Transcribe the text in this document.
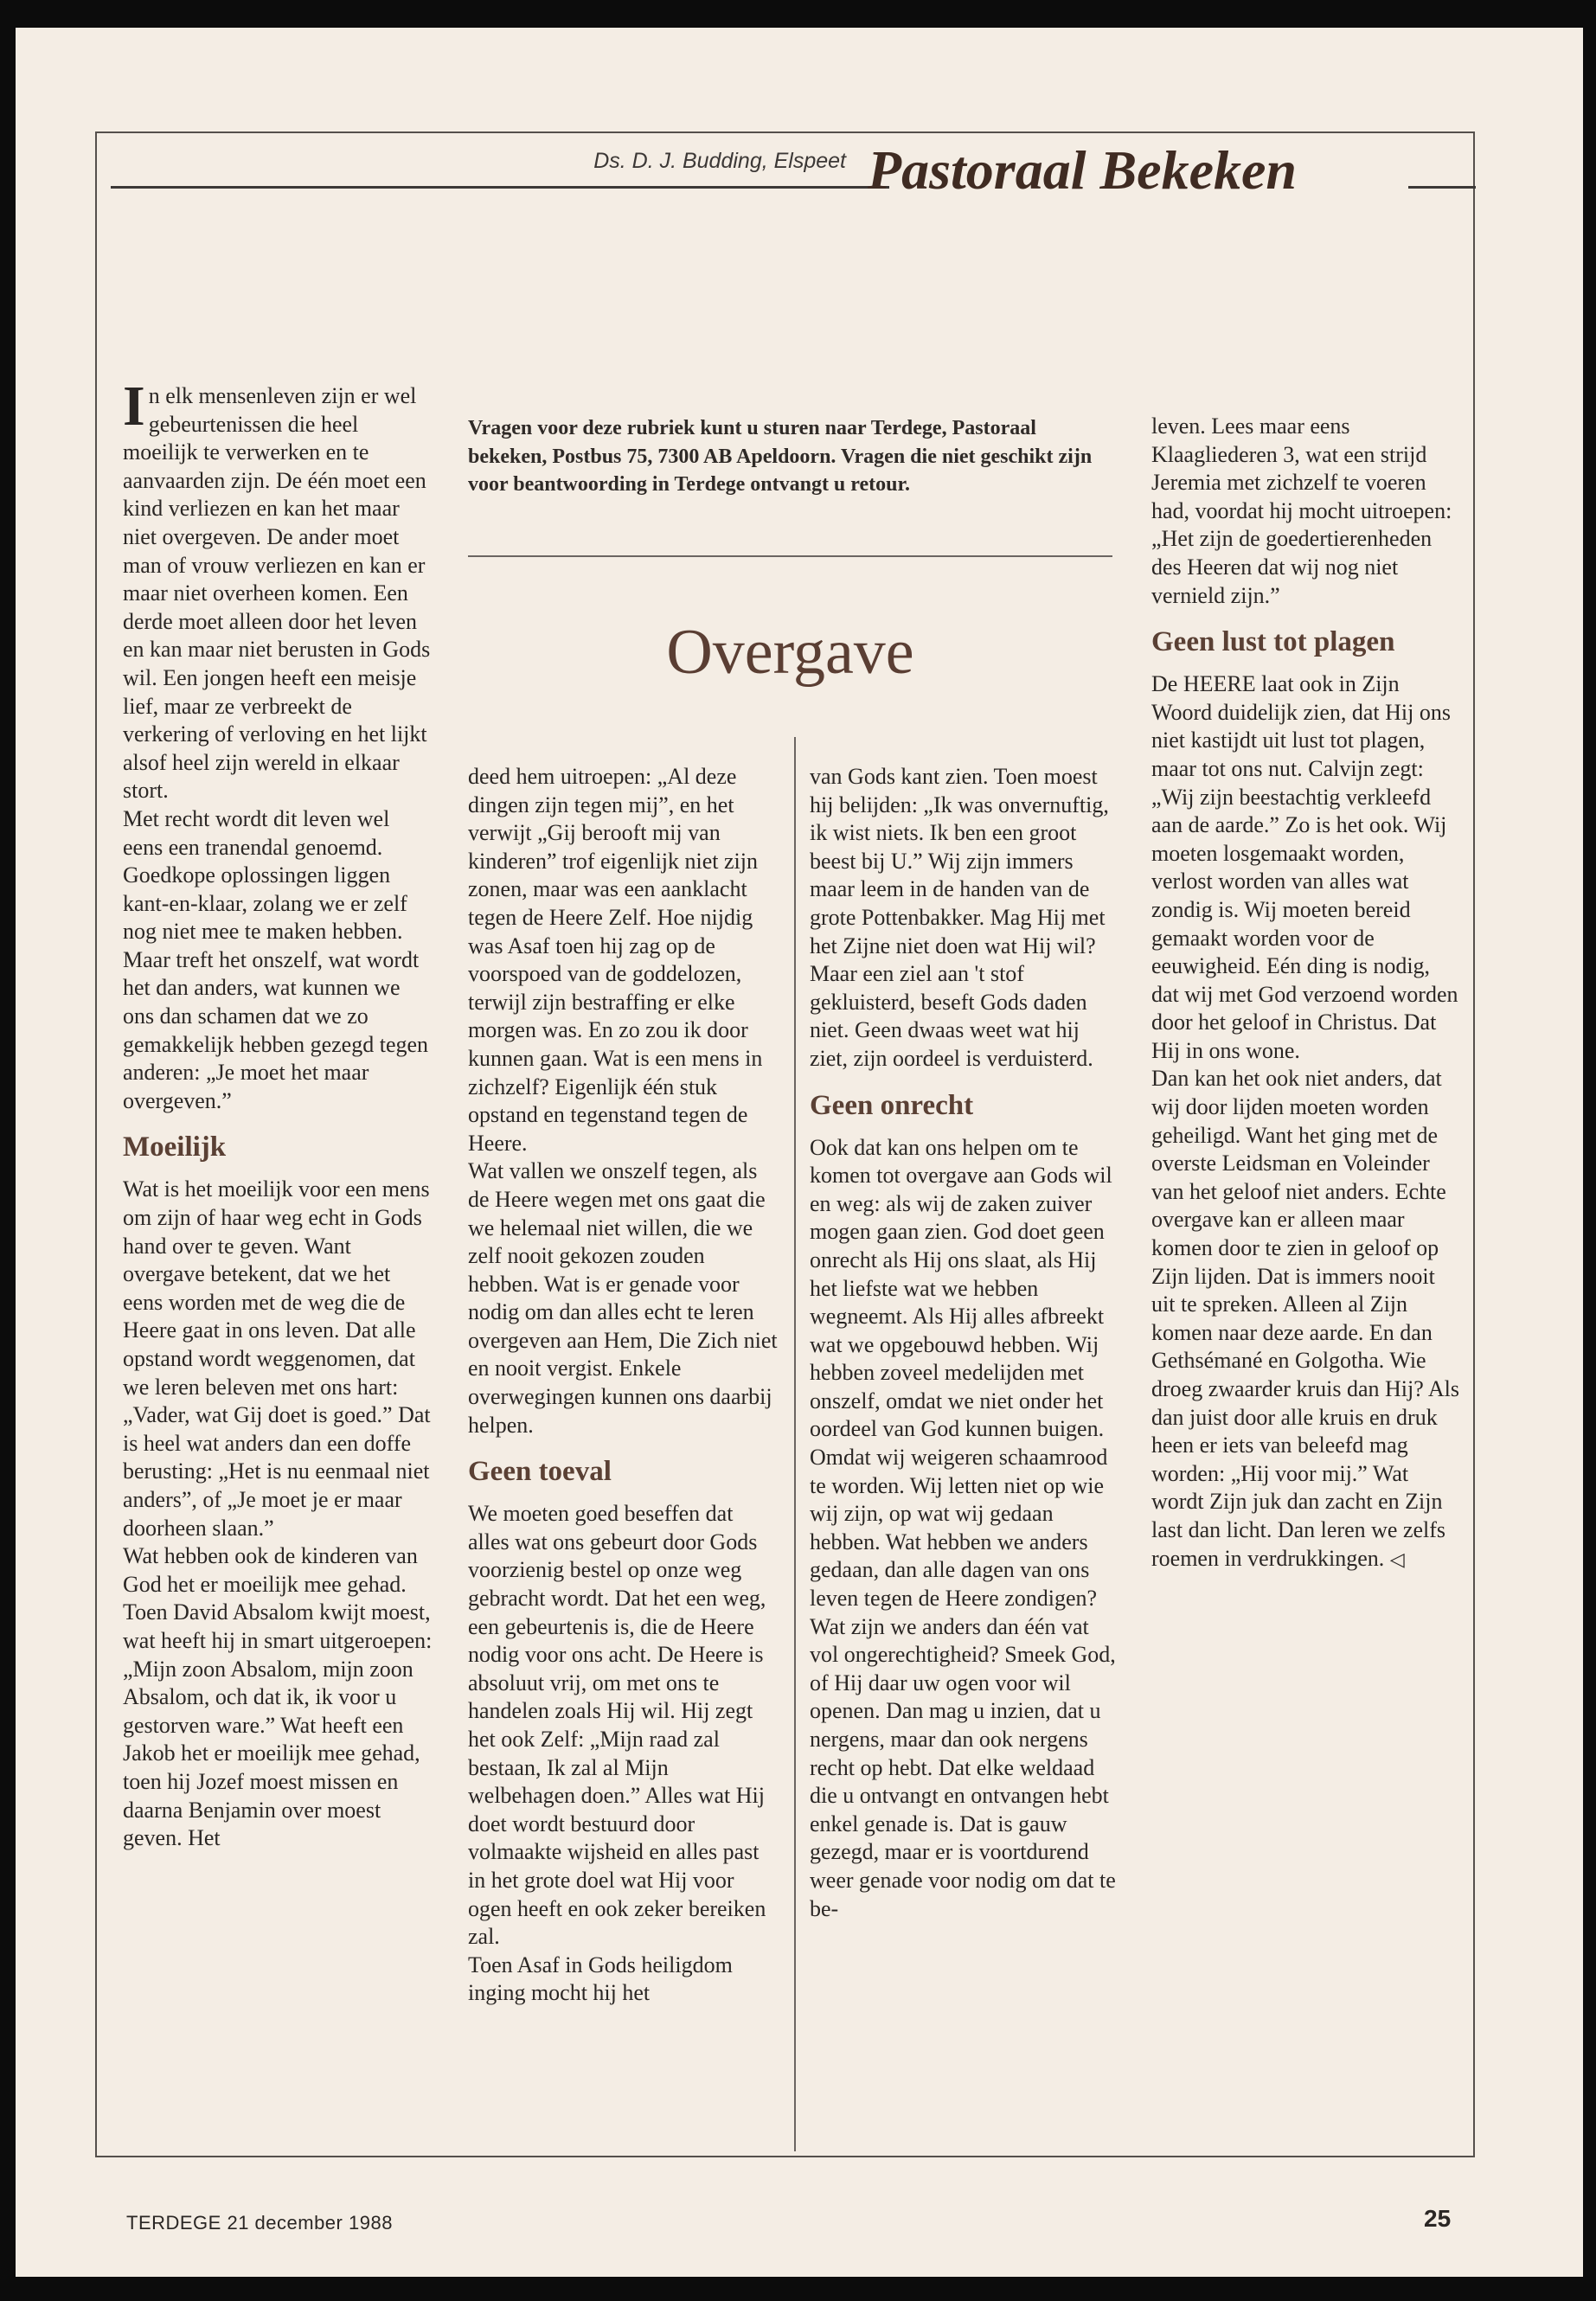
Ds. D. J. Budding, Elspeet Pastoraal Bekeken

In elk mensenleven zijn er wel gebeurtenissen die heel moeilijk te verwerken en te aanvaarden zijn. De één moet een kind verliezen en kan het maar niet overgeven. De ander moet man of vrouw verliezen en kan er maar niet overheen komen. Een derde moet alleen door het leven en kan maar niet berusten in Gods wil. Een jongen heeft een meisje lief, maar ze verbreekt de verkering of verloving en het lijkt alsof heel zijn wereld in elkaar stort.

Met recht wordt dit leven wel eens een tranendal genoemd. Goedkope oplossingen liggen kant-en-klaar, zolang we er zelf nog niet mee te maken hebben.

Maar treft het onszelf, wat wordt het dan anders, wat kunnen we ons dan schamen dat we zo gemakkelijk hebben gezegd tegen anderen: „Je moet het maar overgeven.”

Moeilijk

Wat is het moeilijk voor een mens om zijn of haar weg echt in Gods hand over te geven. Want overgave betekent, dat we het eens worden met de weg die de Heere gaat in ons leven. Dat alle opstand wordt weggenomen, dat we leren beleven met ons hart: „Vader, wat Gij doet is goed.” Dat is heel wat anders dan een doffe berusting: „Het is nu eenmaal niet anders”, of „Je moet je er maar doorheen slaan.”

Wat hebben ook de kinderen van God het er moeilijk mee gehad. Toen David Absalom kwijt moest, wat heeft hij in smart uitgeroepen: „Mijn zoon Absalom, mijn zoon Absalom, och dat ik, ik voor u gestorven ware.” Wat heeft een Jakob het er moeilijk mee gehad, toen hij Jozef moest missen en daarna Benjamin over moest geven. Het

Vragen voor deze rubriek kunt u sturen naar Terdege, Pastoraal bekeken, Postbus 75, 7300 AB Apeldoorn. Vragen die niet geschikt zijn voor beantwoording in Terdege ontvangt u retour.
Overgave

deed hem uitroepen: „Al deze dingen zijn tegen mij”, en het verwijt „Gij berooft mij van kinderen” trof eigenlijk niet zijn zonen, maar was een aanklacht tegen de Heere Zelf. Hoe nijdig was Asaf toen hij zag op de voorspoed van de goddelozen, terwijl zijn bestraffing er elke morgen was. En zo zou ik door kunnen gaan. Wat is een mens in zichzelf? Eigenlijk één stuk opstand en tegenstand tegen de Heere.

Wat vallen we onszelf tegen, als de Heere wegen met ons gaat die we helemaal niet willen, die we zelf nooit gekozen zouden hebben. Wat is er genade voor nodig om dan alles echt te leren overgeven aan Hem, Die Zich niet en nooit vergist. Enkele overwegingen kunnen ons daarbij helpen.

Geen toeval

We moeten goed beseffen dat alles wat ons gebeurt door Gods voorzienig bestel op onze weg gebracht wordt. Dat het een weg, een gebeurtenis is, die de Heere nodig voor ons acht. De Heere is absoluut vrij, om met ons te handelen zoals Hij wil. Hij zegt het ook Zelf: „Mijn raad zal bestaan, Ik zal al Mijn welbehagen doen.” Alles wat Hij doet wordt bestuurd door volmaakte wijsheid en alles past in het grote doel wat Hij voor ogen heeft en ook zeker bereiken zal.

Toen Asaf in Gods heiligdom inging mocht hij het

van Gods kant zien. Toen moest hij belijden: „Ik was onvernuftig, ik wist niets. Ik ben een groot beest bij U.” Wij zijn immers maar leem in de handen van de grote Pottenbakker. Mag Hij met het Zijne niet doen wat Hij wil? Maar een ziel aan 't stof gekluisterd, beseft Gods daden niet. Geen dwaas weet wat hij ziet, zijn oordeel is verduisterd.

Geen onrecht

Ook dat kan ons helpen om te komen tot overgave aan Gods wil en weg: als wij de zaken zuiver mogen gaan zien. God doet geen onrecht als Hij ons slaat, als Hij het liefste wat we hebben wegneemt. Als Hij alles afbreekt wat we opgebouwd hebben. Wij hebben zoveel medelijden met onszelf, omdat we niet onder het oordeel van God kunnen buigen. Omdat wij weigeren schaamrood te worden. Wij letten niet op wie wij zijn, op wat wij gedaan hebben. Wat hebben we anders gedaan, dan alle dagen van ons leven tegen de Heere zondigen? Wat zijn we anders dan één vat vol ongerechtigheid? Smeek God, of Hij daar uw ogen voor wil openen. Dan mag u inzien, dat u nergens, maar dan ook nergens recht op hebt. Dat elke weldaad die u ontvangt en ontvangen hebt enkel genade is. Dat is gauw gezegd, maar er is voortdurend weer genade voor nodig om dat te be-

leven. Lees maar eens Klaagliederen 3, wat een strijd Jeremia met zichzelf te voeren had, voordat hij mocht uitroepen: „Het zijn de goedertierenheden des Heeren dat wij nog niet vernield zijn.”

Geen lust tot plagen

De HEERE laat ook in Zijn Woord duidelijk zien, dat Hij ons niet kastijdt uit lust tot plagen, maar tot ons nut. Calvijn zegt: „Wij zijn beestachtig verkleefd aan de aarde.” Zo is het ook. Wij moeten losgemaakt worden, verlost worden van alles wat zondig is. Wij moeten bereid gemaakt worden voor de eeuwigheid. Eén ding is nodig, dat wij met God verzoend worden door het geloof in Christus. Dat Hij in ons wone.

Dan kan het ook niet anders, dat wij door lijden moeten worden geheiligd. Want het ging met de overste Leidsman en Voleinder van het geloof niet anders. Echte overgave kan er alleen maar komen door te zien in geloof op Zijn lijden. Dat is immers nooit uit te spreken. Alleen al Zijn komen naar deze aarde. En dan Gethsémané en Golgotha. Wie droeg zwaarder kruis dan Hij? Als dan juist door alle kruis en druk heen er iets van beleefd mag worden: „Hij voor mij.” Wat wordt Zijn juk dan zacht en Zijn last dan licht. Dan leren we zelfs roemen in verdrukkingen. ◁

TERDEGE 21 december 1988	25
